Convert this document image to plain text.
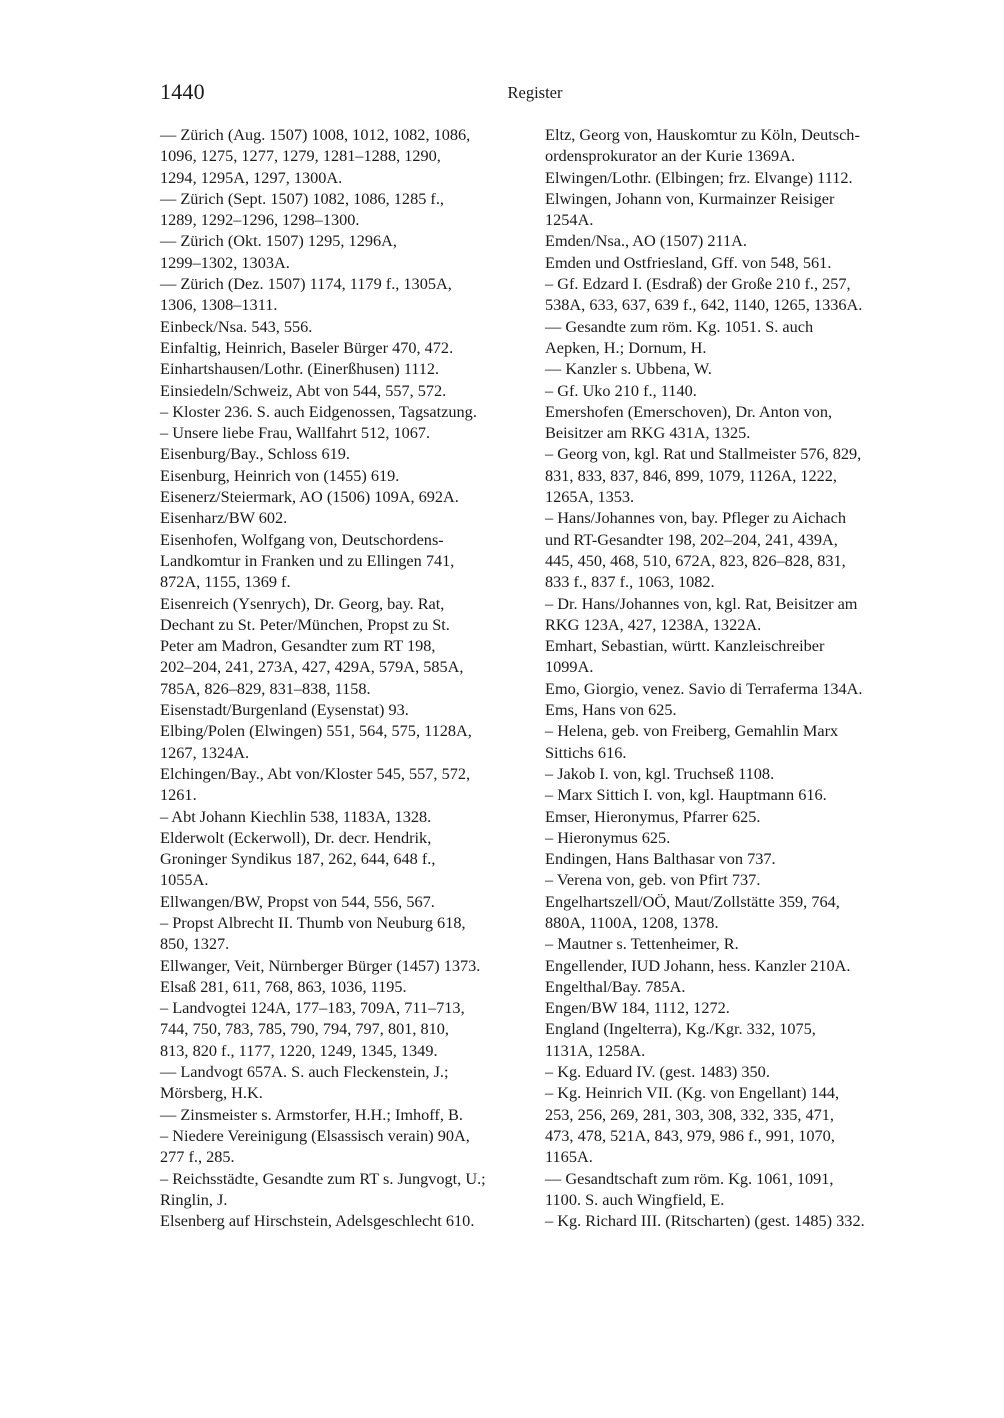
1440	Register
–– Zürich (Aug. 1507) 1008, 1012, 1082, 1086,
1096, 1275, 1277, 1279, 1281–1288, 1290,
1294, 1295A, 1297, 1300A.
–– Zürich (Sept. 1507) 1082, 1086, 1285 f.,
1289, 1292–1296, 1298–1300.
–– Zürich (Okt. 1507) 1295, 1296A,
1299–1302, 1303A.
–– Zürich (Dez. 1507) 1174, 1179 f., 1305A,
1306, 1308–1311.
Einbeck/Nsa. 543, 556.
Einfaltig, Heinrich, Baseler Bürger 470, 472.
Einhartshausen/Lothr. (Einerßhusen) 1112.
Einsiedeln/Schweiz, Abt von 544, 557, 572.
– Kloster 236. S. auch Eidgenossen, Tagsatzung.
– Unsere liebe Frau, Wallfahrt 512, 1067.
Eisenburg/Bay., Schloss 619.
Eisenburg, Heinrich von (1455) 619.
Eisenerz/Steiermark, AO (1506) 109A, 692A.
Eisenharz/BW 602.
Eisenhofen, Wolfgang von, Deutschordens-
Landkomtur in Franken und zu Ellingen 741,
872A, 1155, 1369 f.
Eisenreich (Ysenrych), Dr. Georg, bay. Rat,
Dechant zu St. Peter/München, Propst zu St.
Peter am Madron, Gesandter zum RT 198,
202–204, 241, 273A, 427, 429A, 579A, 585A,
785A, 826–829, 831–838, 1158.
Eisenstadt/Burgenland (Eysenstat) 93.
Elbing/Polen (Elwingen) 551, 564, 575, 1128A,
1267, 1324A.
Elchingen/Bay., Abt von/Kloster 545, 557, 572,
1261.
– Abt Johann Kiechlin 538, 1183A, 1328.
Elderwolt (Eckerwoll), Dr. decr. Hendrik,
Groninger Syndikus 187, 262, 644, 648 f.,
1055A.
Ellwangen/BW, Propst von 544, 556, 567.
– Propst Albrecht II. Thumb von Neuburg 618,
850, 1327.
Ellwanger, Veit, Nürnberger Bürger (1457) 1373.
Elsaß 281, 611, 768, 863, 1036, 1195.
– Landvogtei 124A, 177–183, 709A, 711–713,
744, 750, 783, 785, 790, 794, 797, 801, 810,
813, 820 f., 1177, 1220, 1249, 1345, 1349.
–– Landvogt 657A. S. auch Fleckenstein, J.;
Mörsberg, H.K.
–– Zinsmeister s. Armstorfer, H.H.; Imhoff, B.
– Niedere Vereinigung (Elsassisch verain) 90A,
277 f., 285.
– Reichsstädte, Gesandte zum RT s. Jungvogt, U.;
Ringlin, J.
Elsenberg auf Hirschstein, Adelsgeschlecht 610.
Eltz, Georg von, Hauskomtur zu Köln, Deutsch-
ordensprokurator an der Kurie 1369A.
Elwingen/Lothr. (Elbingen; frz. Elvange) 1112.
Elwingen, Johann von, Kurmainzer Reisiger
1254A.
Emden/Nsa., AO (1507) 211A.
Emden und Ostfriesland, Gff. von 548, 561.
– Gf. Edzard I. (Esdraß) der Große 210 f., 257,
538A, 633, 637, 639 f., 642, 1140, 1265, 1336A.
–– Gesandte zum röm. Kg. 1051. S. auch
Aepken, H.; Dornum, H.
–– Kanzler s. Ubbena, W.
– Gf. Uko 210 f., 1140.
Emershofen (Emerschoven), Dr. Anton von,
Beisitzer am RKG 431A, 1325.
– Georg von, kgl. Rat und Stallmeister 576, 829,
831, 833, 837, 846, 899, 1079, 1126A, 1222,
1265A, 1353.
– Hans/Johannes von, bay. Pfleger zu Aichach
und RT-Gesandter 198, 202–204, 241, 439A,
445, 450, 468, 510, 672A, 823, 826–828, 831,
833 f., 837 f., 1063, 1082.
– Dr. Hans/Johannes von, kgl. Rat, Beisitzer am
RKG 123A, 427, 1238A, 1322A.
Emhart, Sebastian, württ. Kanzleischreiber
1099A.
Emo, Giorgio, venez. Savio di Terraferma 134A.
Ems, Hans von 625.
– Helena, geb. von Freiberg, Gemahlin Marx
Sittichs 616.
– Jakob I. von, kgl. Truchseß 1108.
– Marx Sittich I. von, kgl. Hauptmann 616.
Emser, Hieronymus, Pfarrer 625.
– Hieronymus 625.
Endingen, Hans Balthasar von 737.
– Verena von, geb. von Pfirt 737.
Engelhartszell/OÖ, Maut/Zollstätte 359, 764,
880A, 1100A, 1208, 1378.
– Mautner s. Tettenheimer, R.
Engellender, IUD Johann, hess. Kanzler 210A.
Engelthal/Bay. 785A.
Engen/BW 184, 1112, 1272.
England (Ingelterra), Kg./Kgr. 332, 1075,
1131A, 1258A.
– Kg. Eduard IV. (gest. 1483) 350.
– Kg. Heinrich VII. (Kg. von Engellant) 144,
253, 256, 269, 281, 303, 308, 332, 335, 471,
473, 478, 521A, 843, 979, 986 f., 991, 1070,
1165A.
–– Gesandtschaft zum röm. Kg. 1061, 1091,
1100. S. auch Wingfield, E.
– Kg. Richard III. (Ritscharten) (gest. 1485) 332.
